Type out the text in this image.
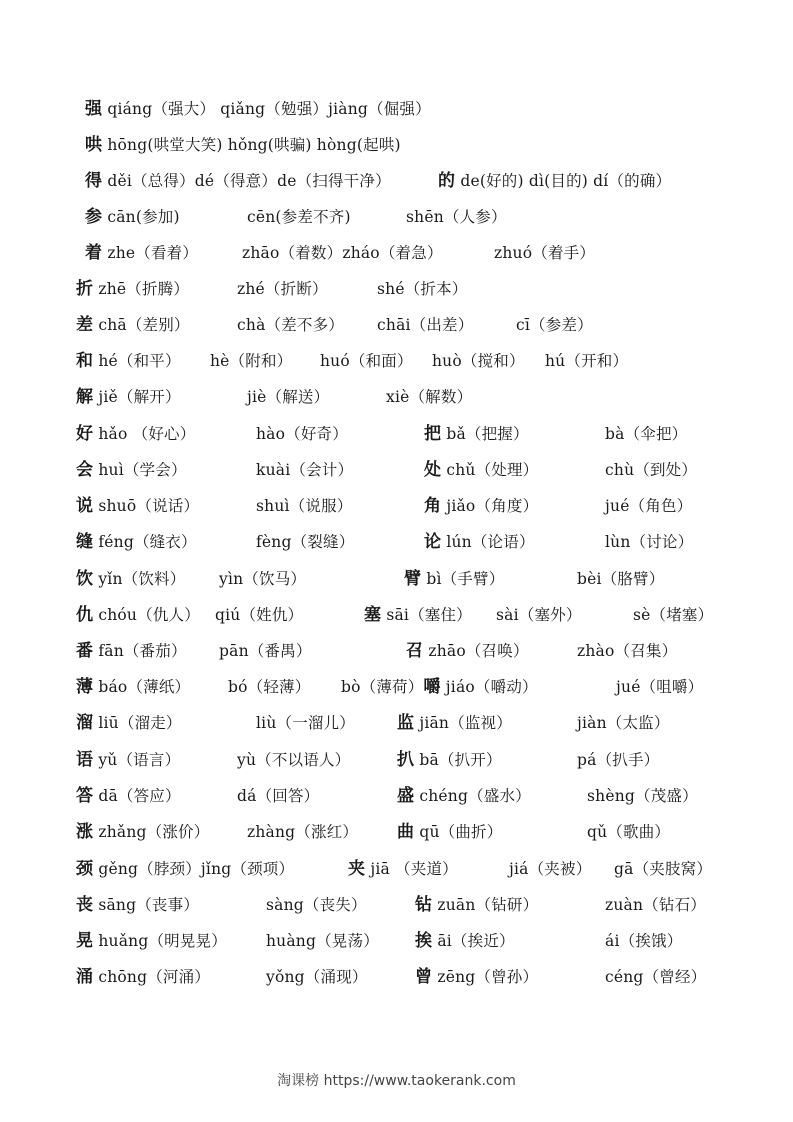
强 qiáng（强大） qiǎng（勉强）jiàng（倔强）
哄 hōng(哄堂大笑) hǒng(哄骗) hòng(起哄)
得 děi（总得）dé（得意）de（扫得干净）	的 de(好的) dì(目的) dí（的确）
参 cān(参加)	cēn(参差不齐)	shēn（人参）
着 zhe（看着）	zhāo（着数）zháo（着急）	zhuó（着手）
折 zhē（折腾）	zhé（折断）	shé（折本）
差 chā（差别）	chà（差不多） chāi（出差）	cī（参差）
和 hé（和平） hè（附和） huó（和面） huò（搅和） hú（开和）
解 jiě（解开）	jiè（解送）	xiè（解数）
好 hǎo （好心）	hào（好奇）	把 bǎ（把握）	bà（伞把）
会 huì（学会）	kuài（会计）	处 chǔ（处理）	chù（到处）
说 shuō（说话）	shuì（说服）	角 jiǎo（角度）	jué（角色）
缝 féng（缝衣）	fèng（裂缝）	论 lún（论语）	lùn（讨论）
饮 yǐn（饮料） yìn（饮马）	臂 bì（手臂）	bèi（胳臂）
仇 chóu（仇人） qiú（姓仇）	塞 sāi（塞住） sài（塞外）	sè（堵塞）
番 fān（番茄） pān（番禺）	召 zhāo（召唤）	zhào（召集）
薄 báo（薄纸） bó（轻薄） bò（薄荷）嚼 jiáo（嚼动）	jué（咀嚼）
溜 liū（溜走）	liù（一溜儿） 监 jiān（监视）	jiàn（太监）
语 yǔ（语言）	yù（不以语人）	扒 bā（扒开）	pá（扒手）
答 dā（答应）	dá（回答）	盛 chéng（盛水）	shèng（茂盛）
涨 zhǎng（涨价） zhàng（涨红） 曲 qū（曲折）	qǔ（歌曲）
颈 gěng（脖颈）jǐng（颈项）	夹 jiā （夹道）	jiá（夹被） gā（夹肢窝）
丧 sāng（丧事）	sàng（丧失）	钻 zuān（钻研）	zuàn（钻石）
晃 huǎng（明晃晃）	huàng（晃荡） 挨 āi（挨近）	ái（挨饿）
涌 chōng（河涌）	yǒng（涌现）	曾 zēng（曾孙）	céng（曾经）
淘课榜 https://www.taokerank.com
